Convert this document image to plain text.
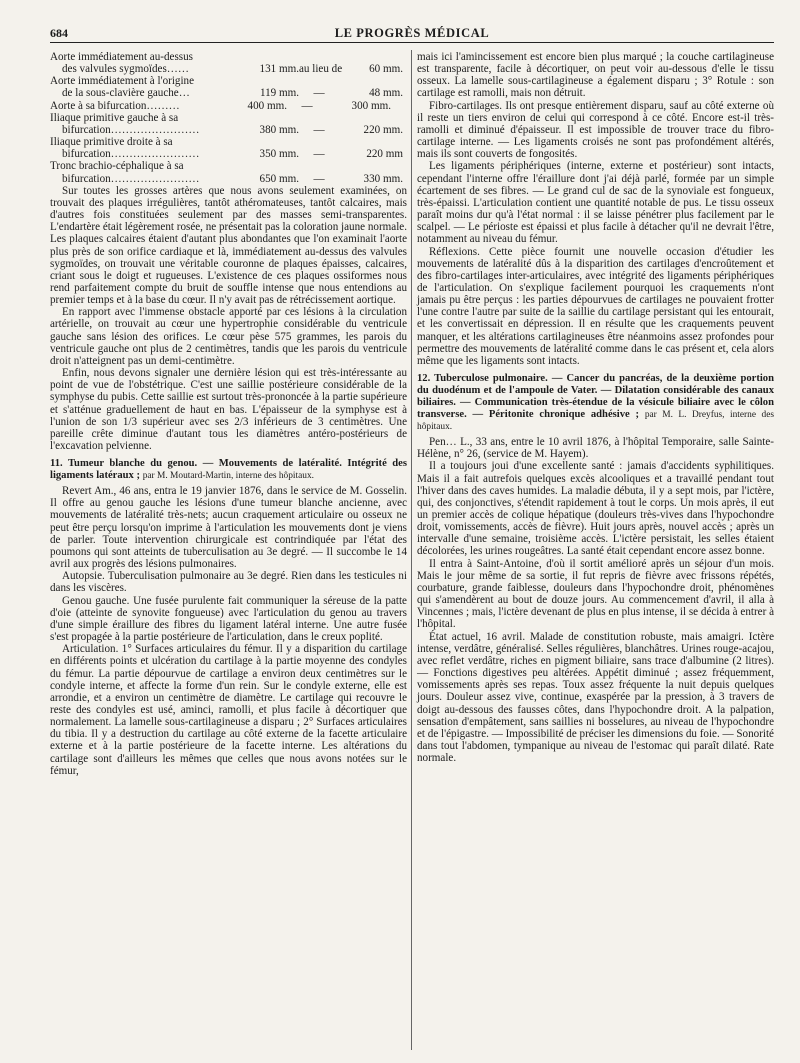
684	LE PROGRÈS MÉDICAL
Aorte immédiatement au-dessus
des valvules sygmoïdes……	131 mm. au lieu de	60 mm.
Aorte immédiatement à l'origine
de la sous-clavière gauche…	119 mm.	—	48 mm.
Aorte à sa bifurcation………	400 mm.	—	300 mm.
Iliaque primitive gauche à sa
bifurcation……………………	380 mm.	—	220 mm.
Iliaque primitive droite à sa
bifurcation……………………	350 mm.	—	220 mm
Tronc brachio-céphalique à sa
bifurcation……………………	650 mm.	—	330 mm.

Sur toutes les grosses artères que nous avons seulement examinées, on trouvait des plaques irrégulières, tantôt athéromateuses, tantôt calcaires, mais d'autres fois constituées seulement par des masses semi-transparentes. L'endartère était légèrement rosée, ne présentait pas la coloration jaune normale. Les plaques calcaires étaient d'autant plus abondantes que l'on examinait l'aorte plus près de son orifice cardiaque et là, immédiatement au-dessus des valvules sygmoïdes, on trouvait une véritable couronne de plaques épaisses, calcaires, criant sous le doigt et rugueuses. L'existence de ces plaques ossiformes nous rend parfaitement compte du bruit de souffle intense que nous entendions au premier temps et à la base du cœur. Il n'y avait pas de rétrécissement aortique.

En rapport avec l'immense obstacle apporté par ces lésions à la circulation artérielle, on trouvait au cœur une hypertrophie considérable du ventricule gauche sans lésion des orifices. Le cœur pèse 575 grammes, les parois du ventricule gauche ont plus de 2 centimètres, tandis que les parois du ventricule droit n'atteignent pas un demi-centimètre.

Enfin, nous devons signaler une dernière lésion qui est très-intéressante au point de vue de l'obstétrique. C'est une saillie postérieure considérable de la symphyse du pubis. Cette saillie est surtout très-prononcée à la partie supérieure et s'atténue graduellement de haut en bas. L'épaisseur de la symphyse est à l'union de son 1/3 supérieur avec ses 2/3 inférieurs de 3 centimètres. Une pareille crête diminue d'autant tous les diamètres antéro-postérieurs de l'excavation pelvienne.

11. Tumeur blanche du genou. — Mouvements de latéralité. Intégrité des ligaments latéraux ; par M. Moutard-Martin, interne des hôpitaux.

Revert Am., 46 ans, entra le 19 janvier 1876, dans le service de M. Gosselin. Il offre au genou gauche les lésions d'une tumeur blanche ancienne, avec mouvements de latéralité très-nets; aucun craquement articulaire ou osseux ne peut être perçu lorsqu'on imprime à l'articulation les mouvements dont je viens de parler. Toute intervention chirurgicale est contrindiquée par l'état des poumons qui sont atteints de tuberculisation au 3e degré. — Il succombe le 14 avril aux progrès des lésions pulmonaires.

Autopsie. Tuberculisation pulmonaire au 3e degré. Rien dans les testicules ni dans les viscères.

Genou gauche. Une fusée purulente fait communiquer la séreuse de la patte d'oie (atteinte de synovite fongueuse) avec l'articulation du genou au travers d'une simple éraillure des fibres du ligament latéral interne. Une autre fusée s'est propagée à la partie postérieure de l'articulation, dans le creux poplité.

Articulation. 1° Surfaces articulaires du fémur. Il y a disparition du cartilage en différents points et ulcération du cartilage à la partie moyenne des condyles du fémur. La partie dépourvue de cartilage a environ deux centimètres sur le condyle interne, et affecte la forme d'un rein. Sur le condyle externe, elle est arrondie, et a environ un centimètre de diamètre. Le cartilage qui recouvre le reste des condyles est usé, aminci, ramolli, et plus facile à décortiquer que normalement. La lamelle sous-cartilagineuse a disparu ; 2° Surfaces articulaires du tibia. Il y a destruction du cartilage au côté externe de la facette articulaire externe et à la partie postérieure de la facette interne. Les altérations du cartilage sont d'ailleurs les mêmes que celles que nous avons notées sur le fémur,

mais ici l'amincissement est encore bien plus marqué ; la couche cartilagineuse est transparente, facile à décortiquer, on peut voir au-dessous d'elle le tissu osseux. La lamelle sous-cartilagineuse a également disparu ; 3° Rotule : son cartilage est ramolli, mais non détruit.

Fibro-cartilages. Ils ont presque entièrement disparu, sauf au côté externe où il reste un tiers environ de celui qui correspond à ce côté. Encore est-il très-ramolli et diminué d'épaisseur. Il est impossible de trouver trace du fibro-cartilage interne. — Les ligaments croisés ne sont pas profondément altérés, mais ils sont couverts de fongosités.

Les ligaments périphériques (interne, externe et postérieur) sont intacts, cependant l'interne offre l'éraillure dont j'ai déjà parlé, formée par un simple écartement de ses fibres. — Le grand cul de sac de la synoviale est fongueux, très-épaissi. L'articulation contient une quantité notable de pus. Le tissu osseux paraît moins dur qu'à l'état normal : il se laisse pénétrer plus facilement par le scalpel. — Le périoste est épaissi et plus facile à détacher qu'il ne devrait l'être, notamment au niveau du fémur.

Réflexions. Cette pièce fournit une nouvelle occasion d'étudier les mouvements de latéralité dûs à la disparition des cartilages d'encroûtement et des fibro-cartilages inter-articulaires, avec intégrité des ligaments périphériques de l'articulation. On s'explique facilement pourquoi les craquements n'ont jamais pu être perçus : les parties dépourvues de cartilages ne pouvaient frotter l'une contre l'autre par suite de la saillie du cartilage persistant qui les entourait, et les convertissait en dépression. Il en résulte que les craquements peuvent manquer, et les altérations cartilagineuses être néanmoins assez profondes pour permettre des mouvements de latéralité comme dans le cas présent et, cela alors même que les ligaments sont intacts.

12. Tuberculose pulmonaire. — Cancer du pancréas, de la deuxième portion du duodénum et de l'ampoule de Vater. — Dilatation considérable des canaux biliaires. — Communication très-étendue de la vésicule biliaire avec le côlon transverse. — Péritonite chronique adhésive ; par M. L. Dreyfus, interne des hôpitaux.

Pen… L., 33 ans, entre le 10 avril 1876, à l'hôpital Temporaire, salle Sainte-Hélène, n° 26, (service de M. Hayem).

Il a toujours joui d'une excellente santé : jamais d'accidents syphilitiques. Mais il a fait autrefois quelques excès alcooliques et a travaillé pendant tout l'hiver dans des caves humides. La maladie débuta, il y a sept mois, par l'ictère, qui, des conjonctives, s'étendit rapidement à tout le corps. Un mois après, il eut un premier accès de colique hépatique (douleurs très-vives dans l'hypochondre droit, vomissements, accès de fièvre). Huit jours après, nouvel accès ; après un intervalle d'une semaine, troisième accès. L'ictère persistait, les selles étaient décolorées, les urines rougeâtres. La santé était cependant encore assez bonne.

Il entra à Saint-Antoine, d'où il sortit amélioré après un séjour d'un mois. Mais le jour même de sa sortie, il fut repris de fièvre avec frissons répétés, courbature, grande faiblesse, douleurs dans l'hypochondre droit, phénomènes qui s'amendèrent au bout de douze jours. Au commencement d'avril, il alla à Vincennes ; mais, l'ictère devenant de plus en plus intense, il se décida à entrer à l'hôpital.

État actuel, 16 avril. Malade de constitution robuste, mais amaigri. Ictère intense, verdâtre, généralisé. Selles régulières, blanchâtres. Urines rouge-acajou, avec reflet verdâtre, riches en pigment biliaire, sans trace d'albumine (2 litres). — Fonctions digestives peu altérées. Appétit diminué ; assez fréquemment, vomissements après ses repas. Toux assez fréquente la nuit depuis quelques jours. Douleur assez vive, continue, exaspérée par la pression, à 3 travers de doigt au-dessous des fausses côtes, dans l'hypochondre droit. A la palpation, sensation d'empâtement, sans saillies ni bosselures, au niveau de l'hypochondre et de l'épigastre. — Impossibilité de préciser les dimensions du foie. — Sonorité dans tout l'abdomen, tympanique au niveau de l'estomac qui paraît dilaté. Rate normale.
